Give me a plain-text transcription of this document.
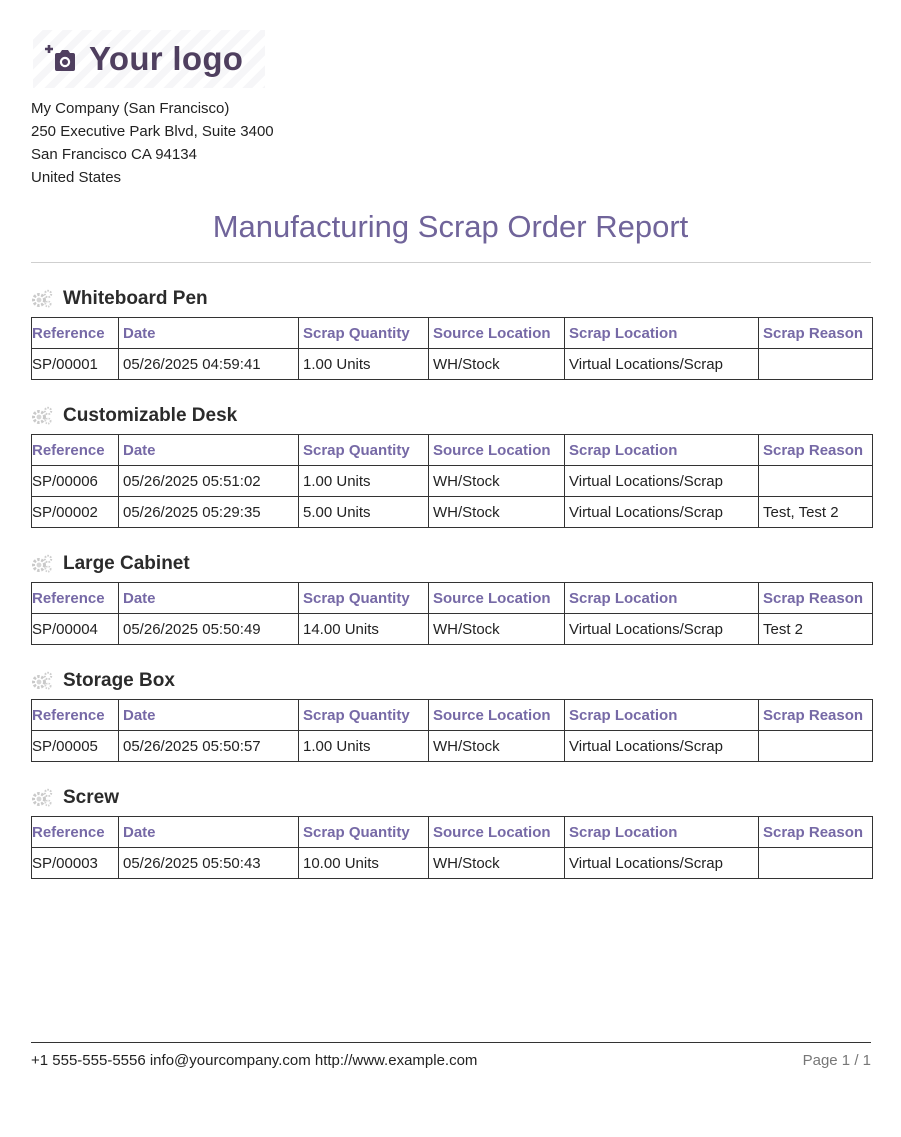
Your logo
My Company (San Francisco)
250 Executive Park Blvd, Suite 3400
San Francisco CA 94134
United States
Manufacturing Scrap Order Report
Whiteboard Pen
Reference	Date	Scrap Quantity	Source Location	Scrap Location	Scrap Reason
SP/00001	05/26/2025 04:59:41	1.00 Units	WH/Stock	Virtual Locations/Scrap	
Customizable Desk
Reference	Date	Scrap Quantity	Source Location	Scrap Location	Scrap Reason
SP/00006	05/26/2025 05:51:02	1.00 Units	WH/Stock	Virtual Locations/Scrap	
SP/00002	05/26/2025 05:29:35	5.00 Units	WH/Stock	Virtual Locations/Scrap	Test, Test 2
Large Cabinet
Reference	Date	Scrap Quantity	Source Location	Scrap Location	Scrap Reason
SP/00004	05/26/2025 05:50:49	14.00 Units	WH/Stock	Virtual Locations/Scrap	Test 2
Storage Box
Reference	Date	Scrap Quantity	Source Location	Scrap Location	Scrap Reason
SP/00005	05/26/2025 05:50:57	1.00 Units	WH/Stock	Virtual Locations/Scrap	
Screw
Reference	Date	Scrap Quantity	Source Location	Scrap Location	Scrap Reason
SP/00003	05/26/2025 05:50:43	10.00 Units	WH/Stock	Virtual Locations/Scrap	
+1 555-555-5556 info@yourcompany.com http://www.example.com	Page 1 / 1
